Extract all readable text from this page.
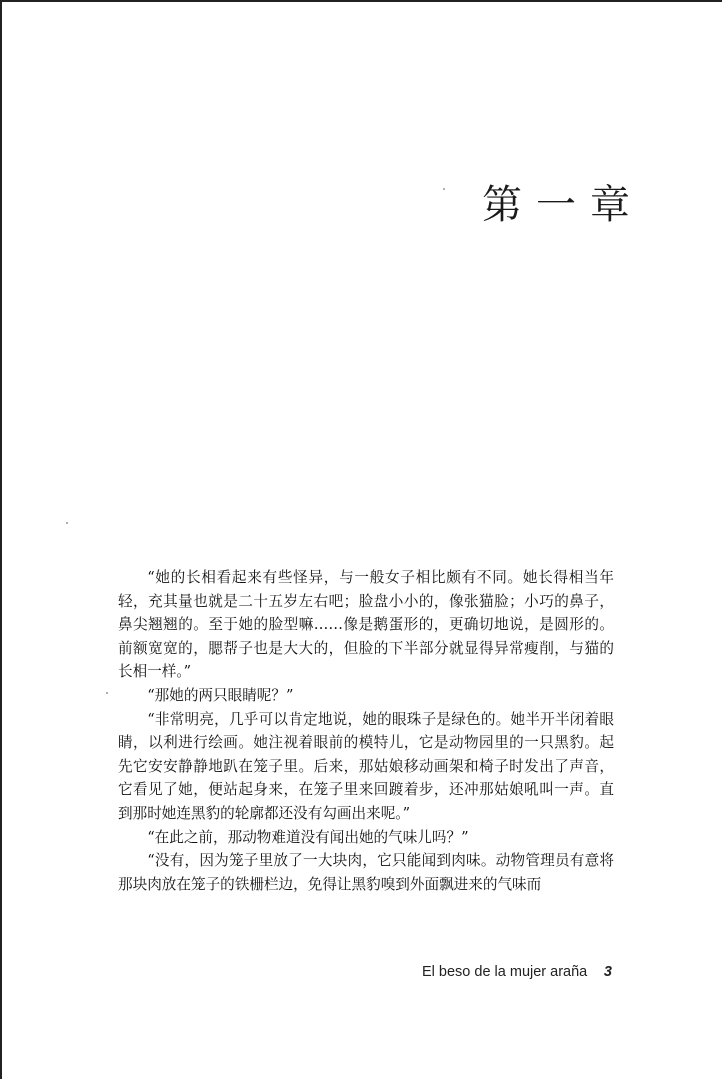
第一章

“她的长相看起来有些怪异，与一般女子相比颇有不同。她长得相当年轻，充其量也就是二十五岁左右吧；脸盘小小的，像张猫脸；小巧的鼻子，鼻尖翘翘的。至于她的脸型嘛……像是鹅蛋形的，更确切地说，是圆形的。前额宽宽的，腮帮子也是大大的，但脸的下半部分就显得异常瘦削，与猫的长相一样。”

“那她的两只眼睛呢？”

“非常明亮，几乎可以肯定地说，她的眼珠子是绿色的。她半开半闭着眼睛，以利进行绘画。她注视着眼前的模特儿，它是动物园里的一只黑豹。起先它安安静静地趴在笼子里。后来，那姑娘移动画架和椅子时发出了声音，它看见了她，便站起身来，在笼子里来回踱着步，还冲那姑娘吼叫一声。直到那时她连黑豹的轮廓都还没有勾画出来呢。”

“在此之前，那动物难道没有闻出她的气味儿吗？”

“没有，因为笼子里放了一大块肉，它只能闻到肉味。动物管理员有意将那块肉放在笼子的铁栅栏边，免得让黑豹嗅到外面飘进来的气味而

El beso de la mujer araña 3
